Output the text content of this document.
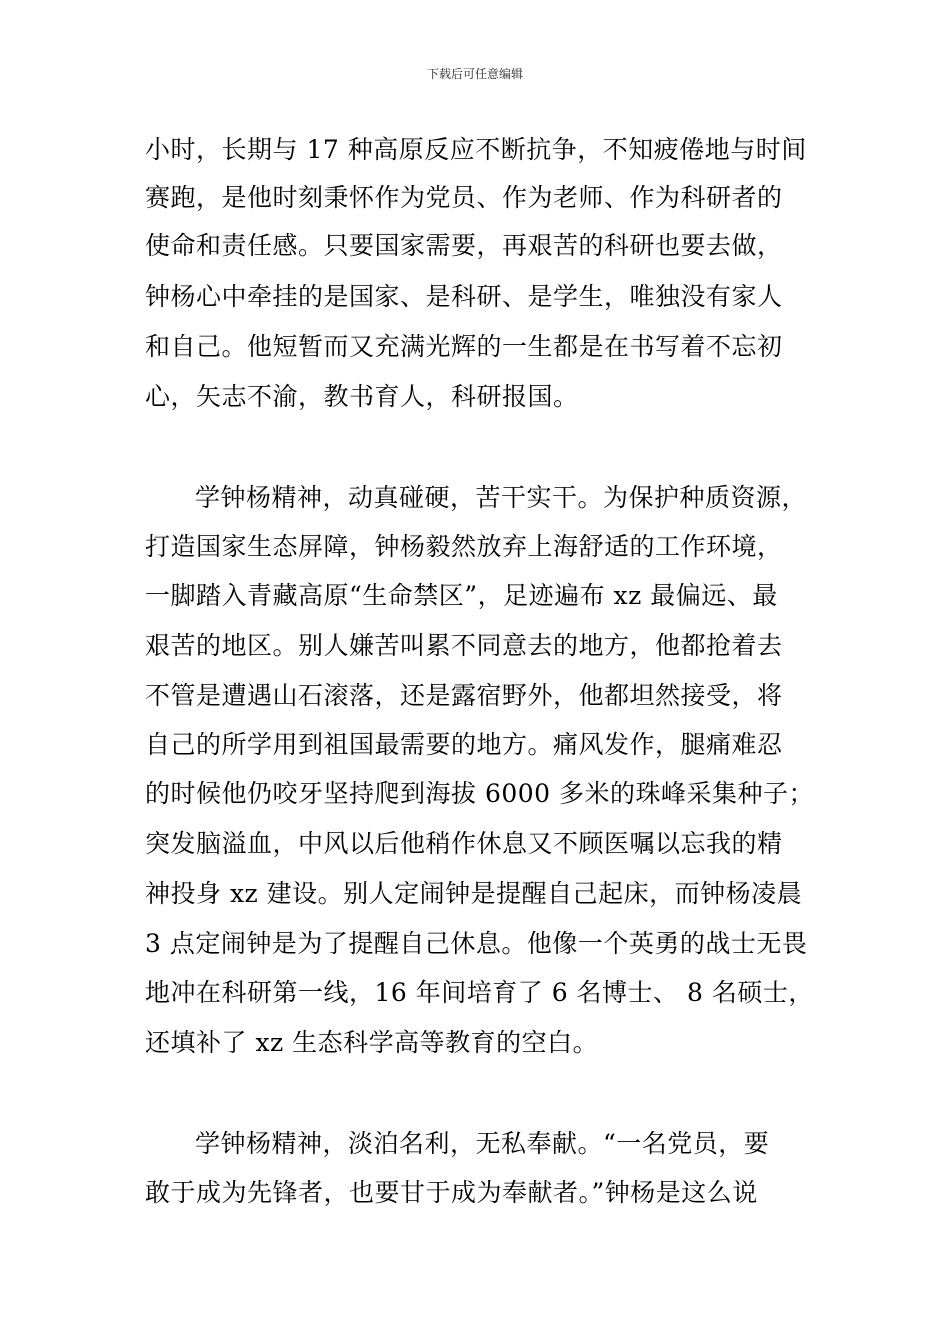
下载后可任意编辑
小时，长期与 17 种高原反应不断抗争，不知疲倦地与时间
赛跑，是他时刻秉怀作为党员、作为老师、作为科研者的
使命和责任感。只要国家需要，再艰苦的科研也要去做，
钟杨心中牵挂的是国家、是科研、是学生，唯独没有家人
和自己。他短暂而又充满光辉的一生都是在书写着不忘初
心，矢志不渝，教书育人，科研报国。
学钟杨精神，动真碰硬，苦干实干。为保护种质资源，
打造国家生态屏障，钟杨毅然放弃上海舒适的工作环境，
一脚踏入青藏高原“生命禁区”，足迹遍布 xz 最偏远、最
艰苦的地区。别人嫌苦叫累不同意去的地方，他都抢着去
不管是遭遇山石滚落，还是露宿野外，他都坦然接受，将
自己的所学用到祖国最需要的地方。痛风发作，腿痛难忍
的时候他仍咬牙坚持爬到海拔 6000 多米的珠峰采集种子；
突发脑溢血，中风以后他稍作休息又不顾医嘱以忘我的精
神投身 xz 建设。别人定闹钟是提醒自己起床，而钟杨凌晨
3 点定闹钟是为了提醒自己休息。他像一个英勇的战士无畏
地冲在科研第一线，16 年间培育了 6 名博士、 8 名硕士，
还填补了 xz 生态科学高等教育的空白。
学钟杨精神，淡泊名利，无私奉献。“一名党员，要
敢于成为先锋者，也要甘于成为奉献者。”钟杨是这么说
